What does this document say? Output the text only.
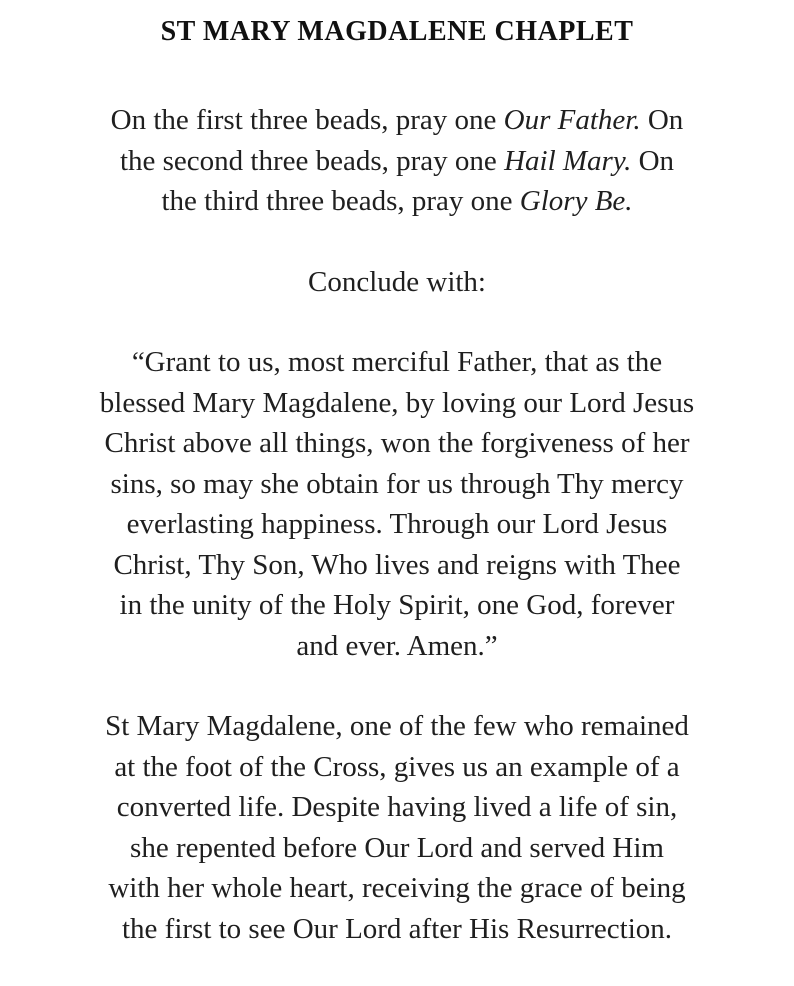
ST MARY MAGDALENE CHAPLET

On the first three beads, pray one Our Father. On
the second three beads, pray one Hail Mary. On
the third three beads, pray one Glory Be.

Conclude with:

“Grant to us, most merciful Father, that as the
blessed Mary Magdalene, by loving our Lord Jesus
Christ above all things, won the forgiveness of her
sins, so may she obtain for us through Thy mercy
everlasting happiness. Through our Lord Jesus
Christ, Thy Son, Who lives and reigns with Thee
in the unity of the Holy Spirit, one God, forever
and ever. Amen.”

St Mary Magdalene, one of the few who remained
at the foot of the Cross, gives us an example of a
converted life. Despite having lived a life of sin,
she repented before Our Lord and served Him
with her whole heart, receiving the grace of being
the first to see Our Lord after His Resurrection.
